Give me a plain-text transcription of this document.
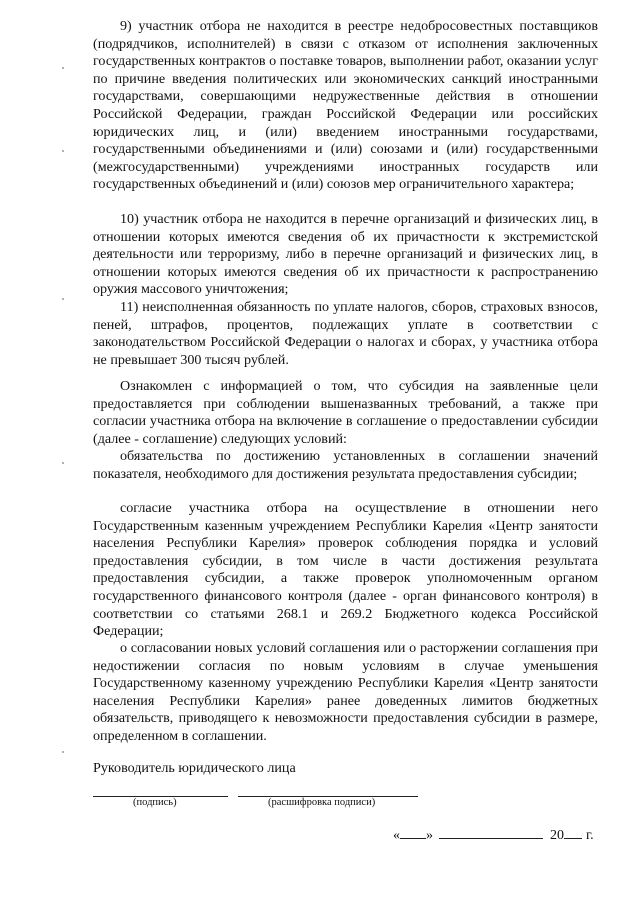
9) участник отбора не находится в реестре недобросовестных поставщиков (подрядчиков, исполнителей) в связи с отказом от исполнения заключенных государственных контрактов о поставке товаров, выполнении работ, оказании услуг по причине введения политических или экономических санкций иностранными государствами, совершающими недружественные действия в отношении Российской Федерации, граждан Российской Федерации или российских юридических лиц, и (или) введением иностранными государствами, государственными объединениями и (или) союзами и (или) государственными (межгосударственными) учреждениями иностранных государств или государственных объединений и (или) союзов мер ограничительного характера;

10) участник отбора не находится в перечне организаций и физических лиц, в отношении которых имеются сведения об их причастности к экстремистской деятельности или терроризму, либо в перечне организаций и физических лиц, в отношении которых имеются сведения об их причастности к распространению оружия массового уничтожения;

11) неисполненная обязанность по уплате налогов, сборов, страховых взносов, пеней, штрафов, процентов, подлежащих уплате в соответствии с законодательством Российской Федерации о налогах и сборах, у участника отбора не превышает 300 тысяч рублей.

Ознакомлен с информацией о том, что субсидия на заявленные цели предоставляется при соблюдении вышеназванных требований, а также при согласии участника отбора на включение в соглашение о предоставлении субсидии (далее - соглашение) следующих условий:

обязательства по достижению установленных в соглашении значений показателя, необходимого для достижения результата предоставления субсидии;

согласие участника отбора на осуществление в отношении него Государственным казенным учреждением Республики Карелия «Центр занятости населения Республики Карелия» проверок соблюдения порядка и условий предоставления субсидии, в том числе в части достижения результата предоставления субсидии, а также проверок уполномоченным органом государственного финансового контроля (далее - орган финансового контроля) в соответствии со статьями 268.1 и 269.2 Бюджетного кодекса Российской Федерации;

о согласовании новых условий соглашения или о расторжении соглашения при недостижении согласия по новым условиям в случае уменьшения Государственному казенному учреждению Республики Карелия «Центр занятости населения Республики Карелия» ранее доведенных лимитов бюджетных обязательств, приводящего к невозможности предоставления субсидии в размере, определенном в соглашении.

Руководитель юридического лица
(подпись)	(расшифровка подписи)
« »	20 г.
